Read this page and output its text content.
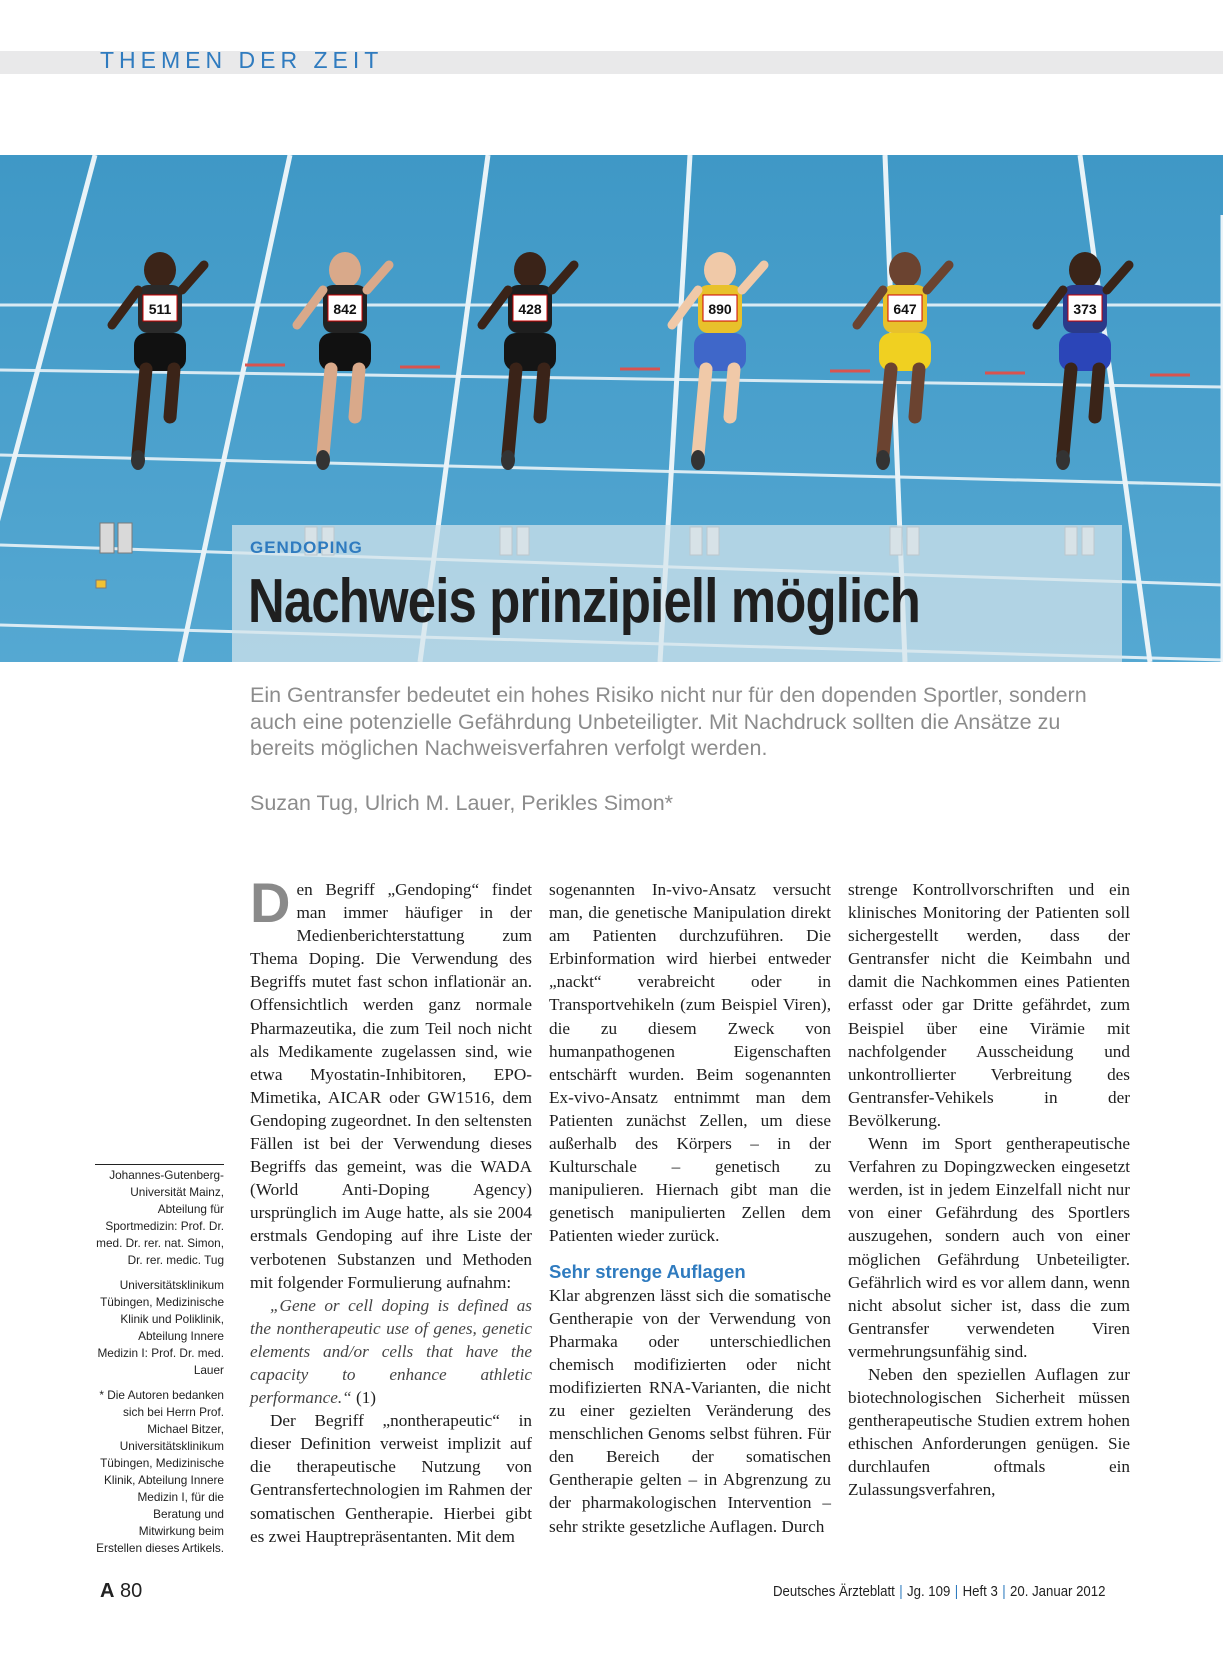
THEMEN DER ZEIT
511	842	428	890	647	373
GENDOPING
Nachweis prinzipiell möglich

Ein Gentransfer bedeutet ein hohes Risiko nicht nur für den dopenden Sportler, sondern auch eine potenzielle Gefährdung Unbeteiligter. Mit Nachdruck sollten die Ansätze zu bereits möglichen Nachweisverfahren verfolgt werden.

Suzan Tug, Ulrich M. Lauer, Perikles Simon*

Johannes-Gutenberg-Universität Mainz, Abteilung für Sportmedizin: Prof. Dr. med. Dr. rer. nat. Simon, Dr. rer. medic. Tug

Universitätsklinikum Tübingen, Medizinische Klinik und Poliklinik, Abteilung Innere Medizin I: Prof. Dr. med. Lauer

* Die Autoren bedanken sich bei Herrn Prof. Michael Bitzer, Universitätsklinikum Tübingen, Medizinische Klinik, Abteilung Innere Medizin I, für die Beratung und Mitwirkung beim Erstellen dieses Artikels.

Den Begriff „Gendoping“ findet man immer häufiger in der Medienberichterstattung zum Thema Doping. Die Verwendung des Begriffs mutet fast schon inflationär an. Offensichtlich werden ganz normale Pharmazeutika, die zum Teil noch nicht als Medikamente zugelassen sind, wie etwa Myostatin-Inhibitoren, EPO-Mimetika, AICAR oder GW1516, dem Gendoping zugeordnet. In den seltensten Fällen ist bei der Verwendung dieses Begriffs das gemeint, was die WADA (World Anti-Doping Agency) ursprünglich im Auge hatte, als sie 2004 erstmals Gendoping auf ihre Liste der verbotenen Substanzen und Methoden mit folgender Formulierung aufnahm:

„Gene or cell doping is defined as the nontherapeutic use of genes, genetic elements and/or cells that have the capacity to enhance athletic performance.“ (1)

Der Begriff „nontherapeutic“ in dieser Definition verweist implizit auf die therapeutische Nutzung von Gentransfertechnologien im Rahmen der somatischen Gentherapie. Hierbei gibt es zwei Hauptrepräsentanten. Mit dem

sogenannten In-vivo-Ansatz versucht man, die genetische Manipulation direkt am Patienten durchzuführen. Die Erbinformation wird hierbei entweder „nackt“ verabreicht oder in Transportvehikeln (zum Beispiel Viren), die zu diesem Zweck von humanpathogenen Eigenschaften entschärft wurden. Beim sogenannten Ex-vivo-Ansatz entnimmt man dem Patienten zunächst Zellen, um diese außerhalb des Körpers – in der Kulturschale – genetisch zu manipulieren. Hiernach gibt man die genetisch manipulierten Zellen dem Patienten wieder zurück.

Sehr strenge Auflagen

Klar abgrenzen lässt sich die somatische Gentherapie von der Verwendung von Pharmaka oder unterschiedlichen chemisch modifizierten oder nicht modifizierten RNA-Varianten, die nicht zu einer gezielten Veränderung des menschlichen Genoms selbst führen. Für den Bereich der somatischen Gentherapie gelten – in Abgrenzung zu der pharmakologischen Intervention – sehr strikte gesetzliche Auflagen. Durch

strenge Kontrollvorschriften und ein klinisches Monitoring der Patienten soll sichergestellt werden, dass der Gentransfer nicht die Keimbahn und damit die Nachkommen eines Patienten erfasst oder gar Dritte gefährdet, zum Beispiel über eine Virämie mit nachfolgender Ausscheidung und unkontrollierter Verbreitung des Gentransfer-Vehikels in der Bevölkerung.

Wenn im Sport gentherapeutische Verfahren zu Dopingzwecken eingesetzt werden, ist in jedem Einzelfall nicht nur von einer Gefährdung des Sportlers auszugehen, sondern auch von einer möglichen Gefährdung Unbeteiligter. Gefährlich wird es vor allem dann, wenn nicht absolut sicher ist, dass die zum Gentransfer verwendeten Viren vermehrungsunfähig sind.

Neben den speziellen Auflagen zur biotechnologischen Sicherheit müssen gentherapeutische Studien extrem hohen ethischen Anforderungen genügen. Sie durchlaufen oftmals ein Zulassungsverfahren,

A 80	Deutsches Ärzteblatt | Jg. 109 | Heft 3 | 20. Januar 2012
